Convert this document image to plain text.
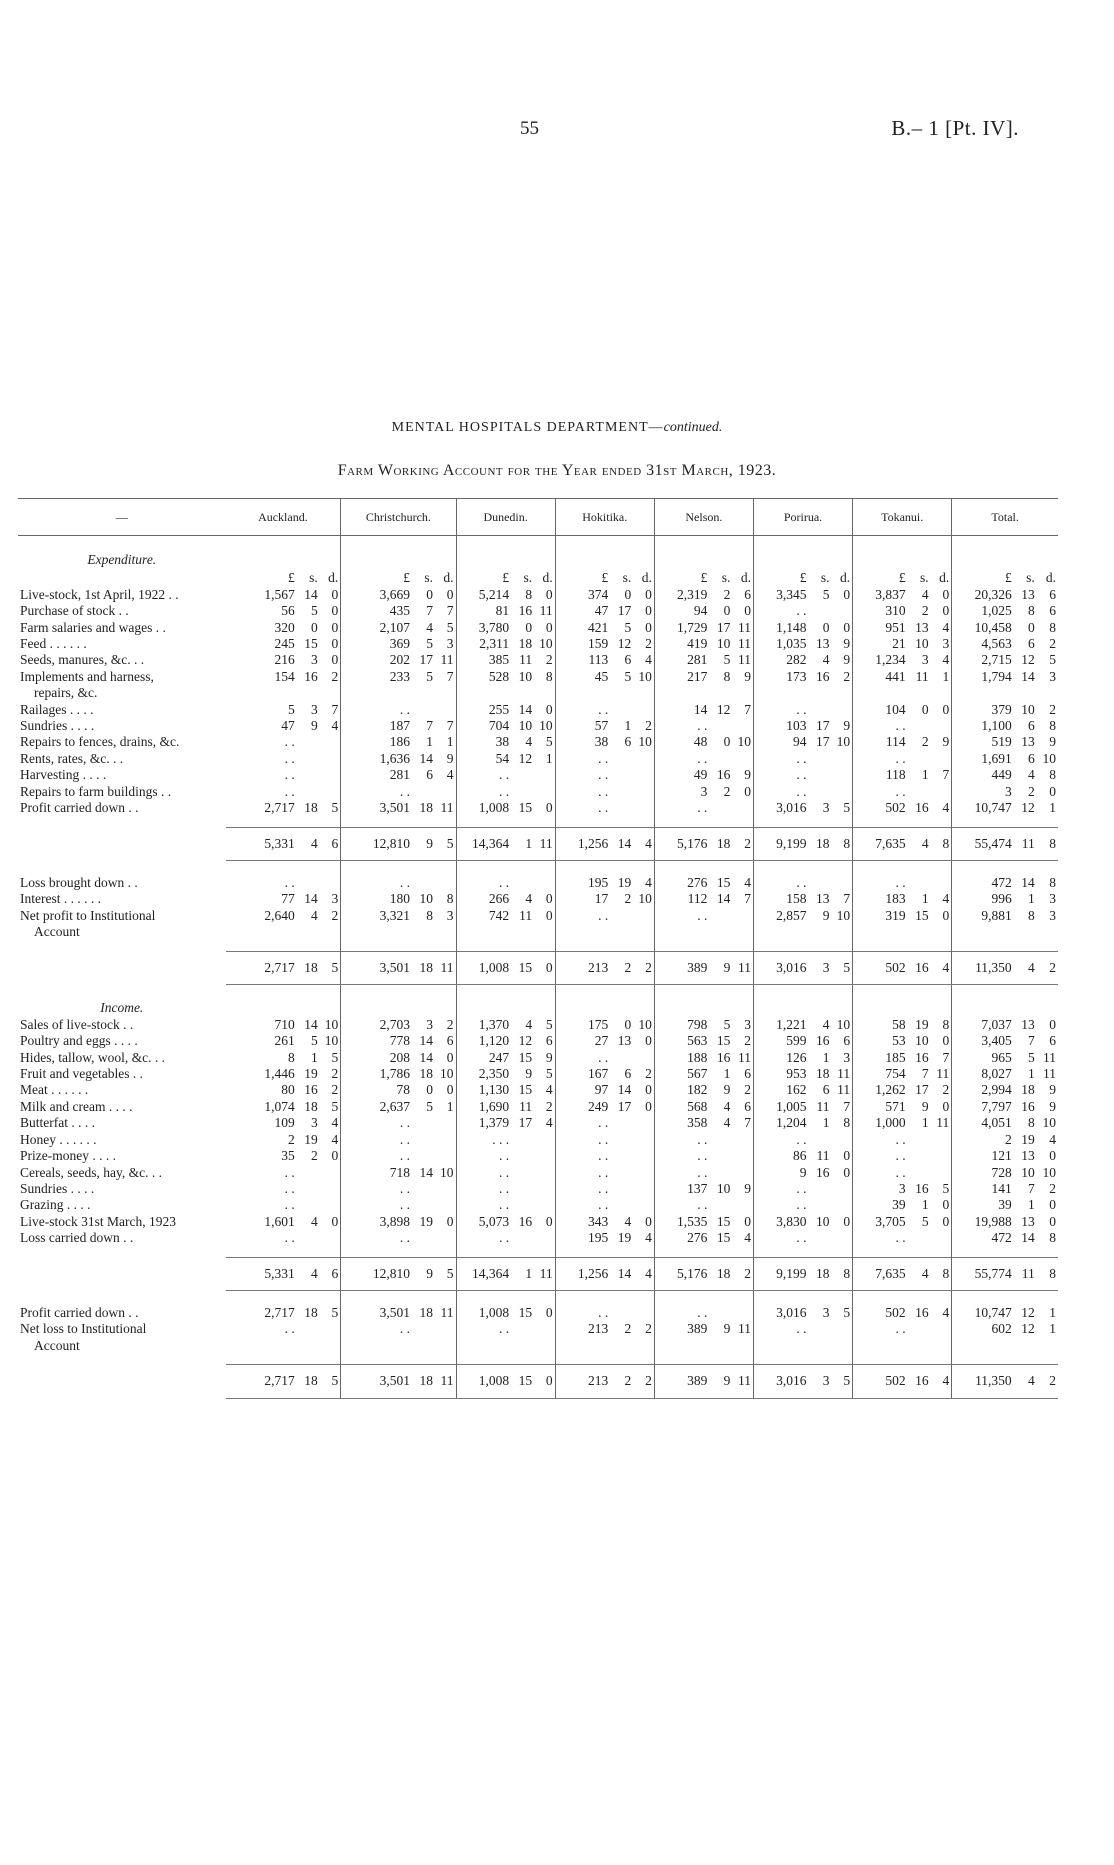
55	B.– 1 [Pt. IV].
MENTAL HOSPITALS DEPARTMENT—continued.
Farm Working Account for the Year ended 31st March, 1923.
—	Auckland.			Christchurch.			Dunedin.			Hokitika.			Nelson.			Porirua.			Tokanui.			Total.		
Expenditure.																								
	£	s.	d.	£	s.	d.	£	s.	d.	£	s.	d.	£	s.	d.	£	s.	d.	£	s.	d.	£	s.	d.

Live-stock, 1st April, 1922 . .	1,567	14	0	3,669	0	0	5,214	8	0	374	0	0	2,319	2	6	3,345	5	0	3,837	4	0	20,326	13	6

Purchase of stock . .	56	5	0	435	7	7	81	16	11	47	17	0	94	0	0	. .			310	2	0	1,025	8	6

Farm salaries and wages . .	320	0	0	2,107	4	5	3,780	0	0	421	5	0	1,729	17	11	1,148	0	0	951	13	4	10,458	0	8

Feed . . . . . .	245	15	0	369	5	3	2,311	18	10	159	12	2	419	10	11	1,035	13	9	21	10	3	4,563	6	2

Seeds, manures, &c. . .	216	3	0	202	17	11	385	11	2	113	6	4	281	5	11	282	4	9	1,234	3	4	2,715	12	5

Implements and harness,
repairs, &c.	154	16	2	233	5	7	528	10	8	45	5	10	217	8	9	173	16	2	441	11	1	1,794	14	3

Railages . . . .	5	3	7	. .			255	14	0	. .			14	12	7	. .			104	0	0	379	10	2

Sundries . . . .	47	9	4	187	7	7	704	10	10	57	1	2	. .			103	17	9	. .			1,100	6	8

Repairs to fences, drains, &c.	. .			186	1	1	38	4	5	38	6	10	48	0	10	94	17	10	114	2	9	519	13	9

Rents, rates, &c. . .	. .			1,636	14	9	54	12	1	. .			. .			. .			. .			1,691	6	10

Harvesting . . . .	. .			281	6	4	. .			. .			49	16	9	. .			118	1	7	449	4	8

Repairs to farm buildings . .	. .			. .			. .			. .			3	2	0	. .			. .			3	2	0

Profit carried down . .	2,717	18	5	3,501	18	11	1,008	15	0	. .			. .			3,016	3	5	502	16	4	10,747	12	1

	5,331	4	6	12,810	9	5	14,364	1	11	1,256	14	4	5,176	18	2	9,199	18	8	7,635	4	8	55,474	11	8

Loss brought down . .	. .			. .			. .			195	19	4	276	15	4	. .			. .			472	14	8

Interest . . . . . .	77	14	3	180	10	8	266	4	0	17	2	10	112	14	7	158	13	7	183	1	4	996	1	3

Net profit to Institutional
Account	2,640	4	2	3,321	8	3	742	11	0	. .			. .			2,857	9	10	319	15	0	9,881	8	3

	2,717	18	5	3,501	18	11	1,008	15	0	213	2	2	389	9	11	3,016	3	5	502	16	4	11,350	4	2
Income.																								

Sales of live-stock . .	710	14	10	2,703	3	2	1,370	4	5	175	0	10	798	5	3	1,221	4	10	58	19	8	7,037	13	0

Poultry and eggs . . . .	261	5	10	778	14	6	1,120	12	6	27	13	0	563	15	2	599	16	6	53	10	0	3,405	7	6

Hides, tallow, wool, &c. . .	8	1	5	208	14	0	247	15	9	. .			188	16	11	126	1	3	185	16	7	965	5	11

Fruit and vegetables . .	1,446	19	2	1,786	18	10	2,350	9	5	167	6	2	567	1	6	953	18	11	754	7	11	8,027	1	11

Meat . . . . . .	80	16	2	78	0	0	1,130	15	4	97	14	0	182	9	2	162	6	11	1,262	17	2	2,994	18	9

Milk and cream . . . .	1,074	18	5	2,637	5	1	1,690	11	2	249	17	0	568	4	6	1,005	11	7	571	9	0	7,797	16	9

Butterfat . . . .	109	3	4	. .			1,379	17	4	. .			358	4	7	1,204	1	8	1,000	1	11	4,051	8	10

Honey . . . . . .	2	19	4	. .			. . .			. .			. .			. .			. .			2	19	4

Prize-money . . . .	35	2	0	. .			. .			. .			. .			86	11	0	. .			121	13	0

Cereals, seeds, hay, &c. . .	. .			718	14	10	. .			. .			. .			9	16	0	. .			728	10	10

Sundries . . . .	. .			. .			. .			. .			137	10	9	. .			3	16	5	141	7	2

Grazing . . . .	. .			. .			. .			. .			. .			. .			39	1	0	39	1	0

Live-stock 31st March, 1923	1,601	4	0	3,898	19	0	5,073	16	0	343	4	0	1,535	15	0	3,830	10	0	3,705	5	0	19,988	13	0

Loss carried down . .	. .			. .			. .			195	19	4	276	15	4	. .			. .			472	14	8

	5,331	4	6	12,810	9	5	14,364	1	11	1,256	14	4	5,176	18	2	9,199	18	8	7,635	4	8	55,774	11	8

Profit carried down . .	2,717	18	5	3,501	18	11	1,008	15	0	. .			. .			3,016	3	5	502	16	4	10,747	12	1

Net loss to Institutional
Account	. .			. .			. .			213	2	2	389	9	11	. .			. .			602	12	1

	2,717	18	5	3,501	18	11	1,008	15	0	213	2	2	389	9	11	3,016	3	5	502	16	4	11,350	4	2
